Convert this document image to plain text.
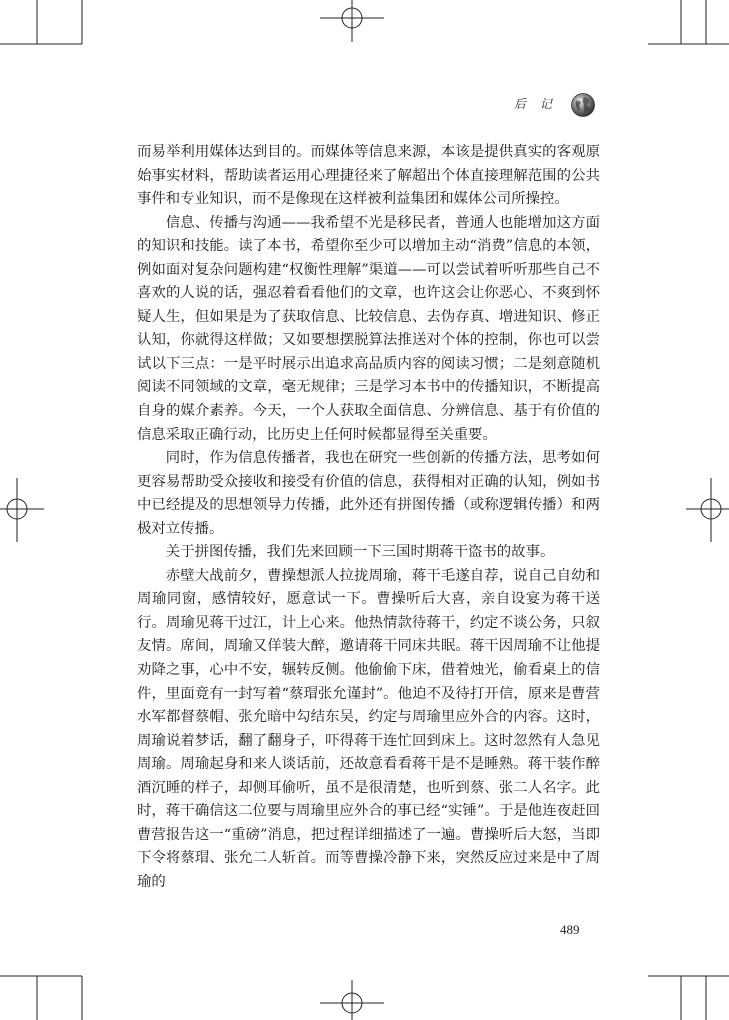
后 记

而易举利用媒体达到目的。而媒体等信息来源，本该是提供真实的客观原始事实材料，帮助读者运用心理捷径来了解超出个体直接理解范围的公共事件和专业知识，而不是像现在这样被利益集团和媒体公司所操控。

信息、传播与沟通——我希望不光是移民者，普通人也能增加这方面的知识和技能。读了本书，希望你至少可以增加主动“消费”信息的本领，例如面对复杂问题构建“权衡性理解”渠道——可以尝试着听听那些自己不喜欢的人说的话，强忍着看看他们的文章，也许这会让你恶心、不爽到怀疑人生，但如果是为了获取信息、比较信息、去伪存真、增进知识、修正认知，你就得这样做；又如要想摆脱算法推送对个体的控制，你也可以尝试以下三点：一是平时展示出追求高品质内容的阅读习惯；二是刻意随机阅读不同领域的文章，毫无规律；三是学习本书中的传播知识，不断提高自身的媒介素养。今天，一个人获取全面信息、分辨信息、基于有价值的信息采取正确行动，比历史上任何时候都显得至关重要。

同时，作为信息传播者，我也在研究一些创新的传播方法，思考如何更容易帮助受众接收和接受有价值的信息，获得相对正确的认知，例如书中已经提及的思想领导力传播，此外还有拼图传播（或称逻辑传播）和两极对立传播。

关于拼图传播，我们先来回顾一下三国时期蒋干盗书的故事。

赤壁大战前夕，曹操想派人拉拢周瑜，蒋干毛遂自荐，说自己自幼和周瑜同窗，感情较好，愿意试一下。曹操听后大喜，亲自设宴为蒋干送行。周瑜见蒋干过江，计上心来。他热情款待蒋干，约定不谈公务，只叙友情。席间，周瑜又佯装大醉，邀请蒋干同床共眠。蒋干因周瑜不让他提劝降之事，心中不安，辗转反侧。他偷偷下床，借着烛光，偷看桌上的信件，里面竟有一封写着“蔡瑁张允谨封”。他迫不及待打开信，原来是曹营水军都督蔡帽、张允暗中勾结东吴，约定与周瑜里应外合的内容。这时，周瑜说着梦话，翻了翻身子，吓得蒋干连忙回到床上。这时忽然有人急见周瑜。周瑜起身和来人谈话前，还故意看看蒋干是不是睡熟。蒋干装作醉酒沉睡的样子，却侧耳偷听，虽不是很清楚，也听到蔡、张二人名字。此时，蒋干确信这二位要与周瑜里应外合的事已经“实锤”。于是他连夜赶回曹营报告这一“重磅”消息，把过程详细描述了一遍。曹操听后大怒，当即下令将蔡瑁、张允二人斩首。而等曹操冷静下来，突然反应过来是中了周瑜的

489
